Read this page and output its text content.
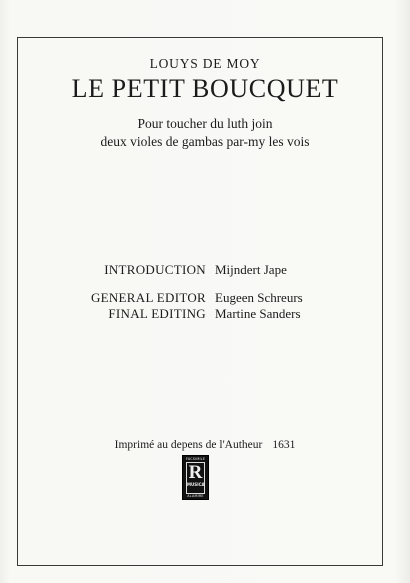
LOUYS DE MOY
LE PETIT BOUCQUET
Pour toucher du luth join
deux violes de gambas par-my les vois
INTRODUCTION Mijndert Jape
GENERAL EDITOR Eugeen Schreurs
FINAL EDITING Martine Sanders
Imprimé au depens de l'Autheur 1631
FACSIMILE
R
MUSICA
ALAMIRE
